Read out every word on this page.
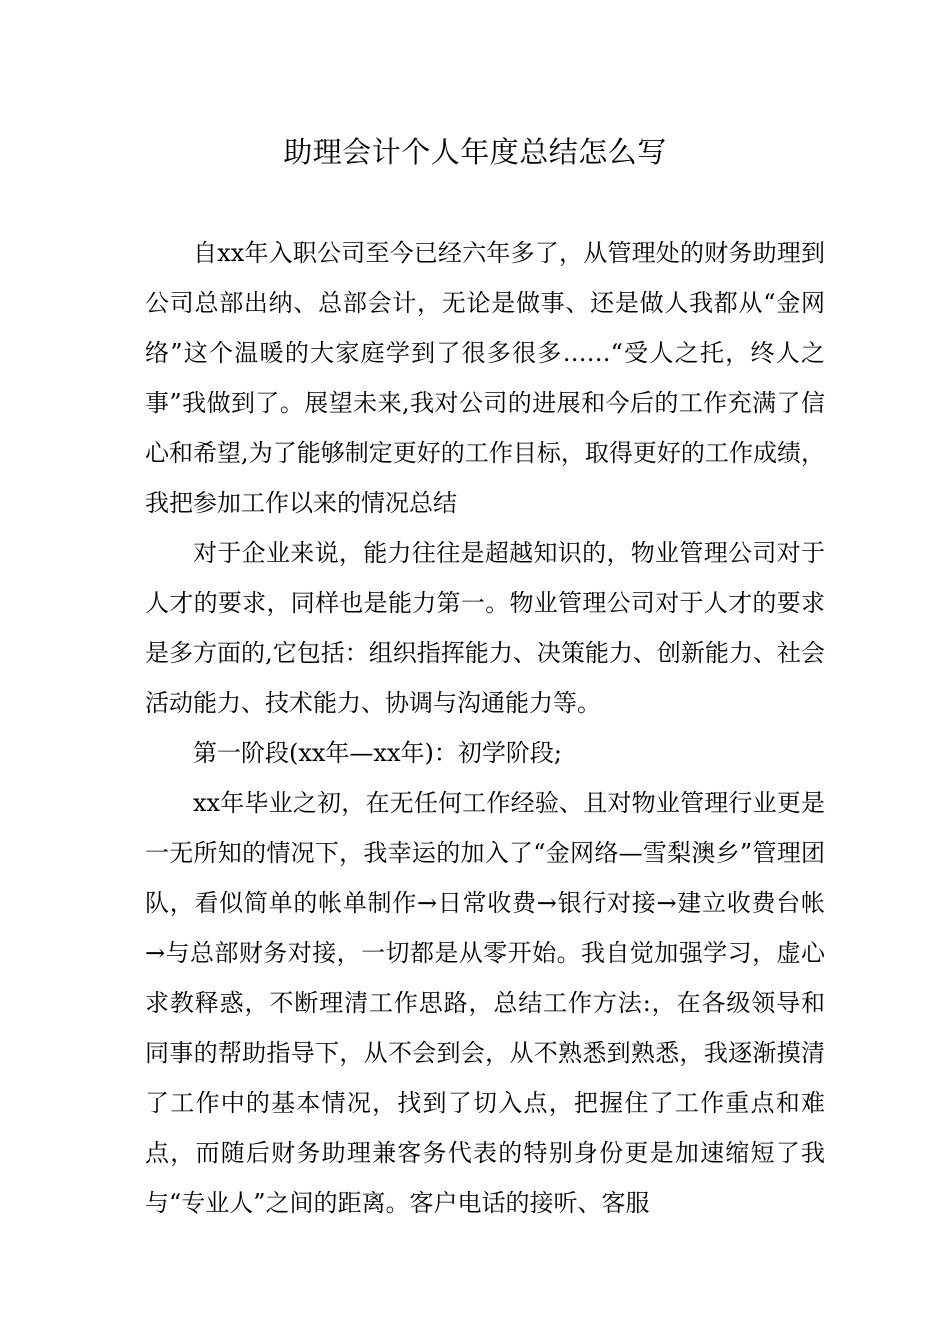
助理会计个人年度总结怎么写

自xx年入职公司至今已经六年多了，从管理处的财务助理到公司总部出纳、总部会计，无论是做事、还是做人我都从“金网络”这个温暖的大家庭学到了很多很多……“受人之托，终人之事”我做到了。展望未来,我对公司的进展和今后的工作充满了信心和希望,为了能够制定更好的工作目标，取得更好的工作成绩，我把参加工作以来的情况总结

对于企业来说，能力往往是超越知识的，物业管理公司对于人才的要求，同样也是能力第一。物业管理公司对于人才的要求是多方面的,它包括：组织指挥能力、决策能力、创新能力、社会活动能力、技术能力、协调与沟通能力等。

第一阶段(xx年—xx年)：初学阶段;

xx年毕业之初，在无任何工作经验、且对物业管理行业更是一无所知的情况下，我幸运的加入了“金网络—雪梨澳乡”管理团队，看似简单的帐单制作→日常收费→银行对接→建立收费台帐→与总部财务对接，一切都是从零开始。我自觉加强学习，虚心求教释惑，不断理清工作思路，总结工作方法:，在各级领导和同事的帮助指导下，从不会到会，从不熟悉到熟悉，我逐渐摸清了工作中的基本情况，找到了切入点，把握住了工作重点和难点，而随后财务助理兼客务代表的特别身份更是加速缩短了我与“专业人”之间的距离。客户电话的接听、客服
